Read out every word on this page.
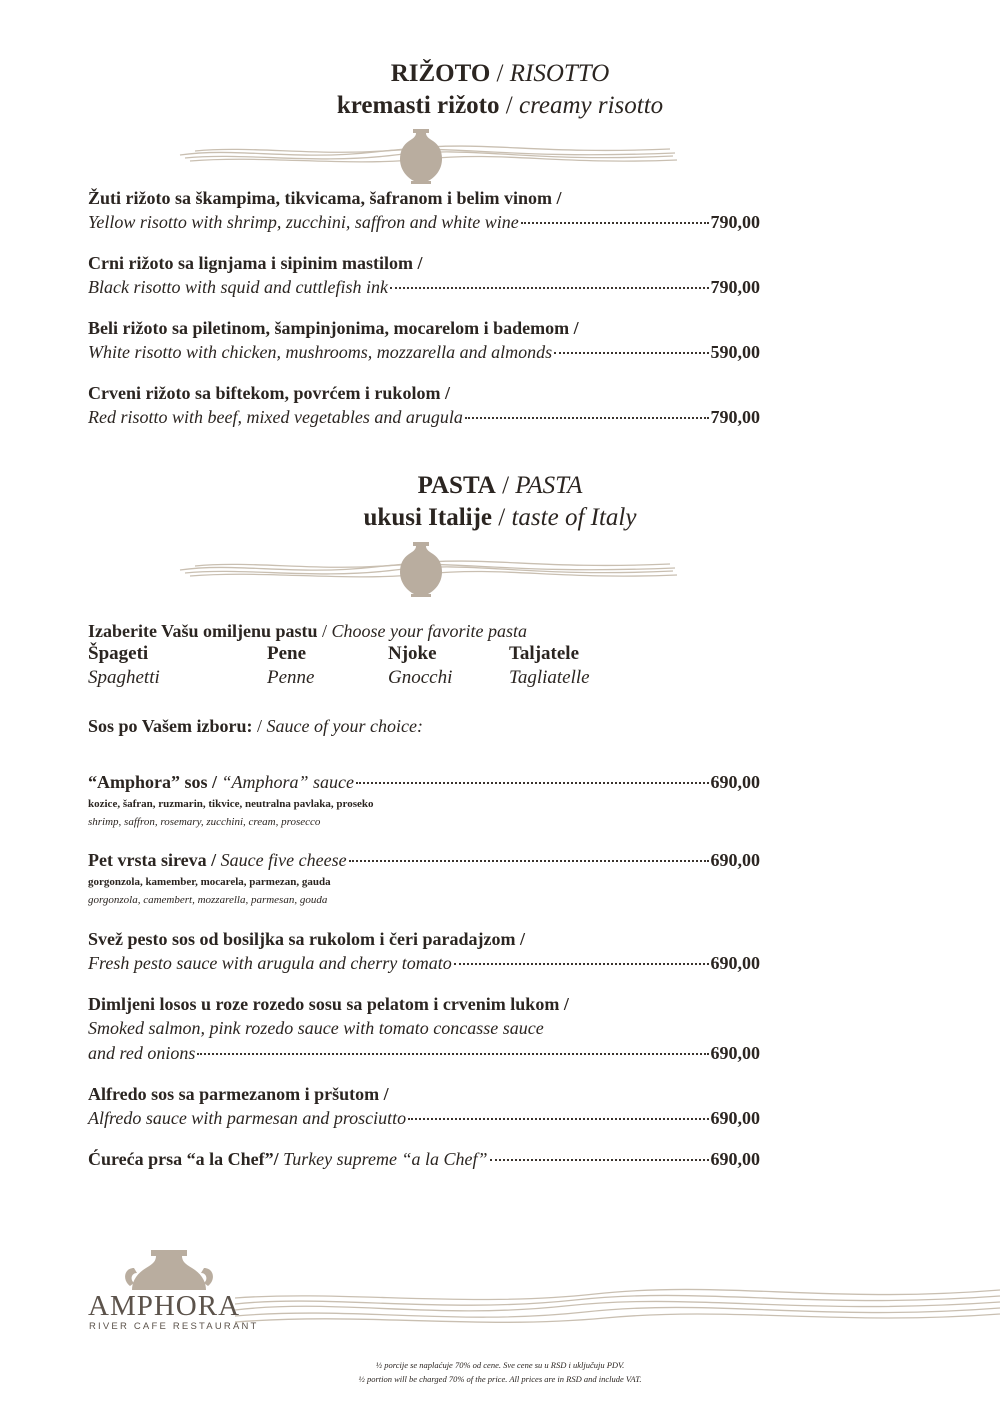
RIŽOTO / RISOTTO
kremasti rižoto / creamy risotto
Žuti rižoto sa škampima, tikvicama, šafranom i belim vinom /
Yellow risotto with shrimp, zucchini, saffron and white wine	790,00
Crni rižoto sa lignjama i sipinim mastilom /
Black risotto with squid and cuttlefish ink	790,00
Beli rižoto sa piletinom, šampinjonima, mocarelom i bademom /
White risotto with chicken, mushrooms, mozzarella and almonds	590,00
Crveni rižoto sa biftekom, povrćem i rukolom /
Red risotto with beef, mixed vegetables and arugula	790,00
PASTA / PASTA
ukusi Italije / taste of Italy
Izaberite Vašu omiljenu pastu / Choose your favorite pasta
Špageti	Pene	Njoke	Taljatele
Spaghetti	Penne	Gnocchi	Tagliatelle
Sos po Vašem izboru: / Sauce of your choice:
“Amphora” sos / “Amphora” sauce	690,00
kozice, šafran, ruzmarin, tikvice, neutralna pavlaka, proseko
shrimp, saffron, rosemary, zucchini, cream, prosecco
Pet vrsta sireva / Sauce five cheese	690,00
gorgonzola, kamember, mocarela, parmezan, gauda
gorgonzola, camembert, mozzarella, parmesan, gouda
Svež pesto sos od bosiljka sa rukolom i čeri paradajzom /
Fresh pesto sauce with arugula and cherry tomato	690,00
Dimljeni losos u roze rozedo sosu sa pelatom i crvenim lukom /
Smoked salmon, pink rozedo sauce with tomato concasse sauce
and red onions	690,00
Alfredo sos sa parmezanom i pršutom /
Alfredo sauce with parmesan and prosciutto	690,00
Ćureća prsa “a la Chef”/ Turkey supreme “a la Chef”	690,00
AMPHORA
RIVER CAFE RESTAURANT
½ porcije se naplaćuje 70% od cene. Sve cene su u RSD i uključuju PDV.
½ portion will be charged 70% of the price. All prices are in RSD and include VAT.
